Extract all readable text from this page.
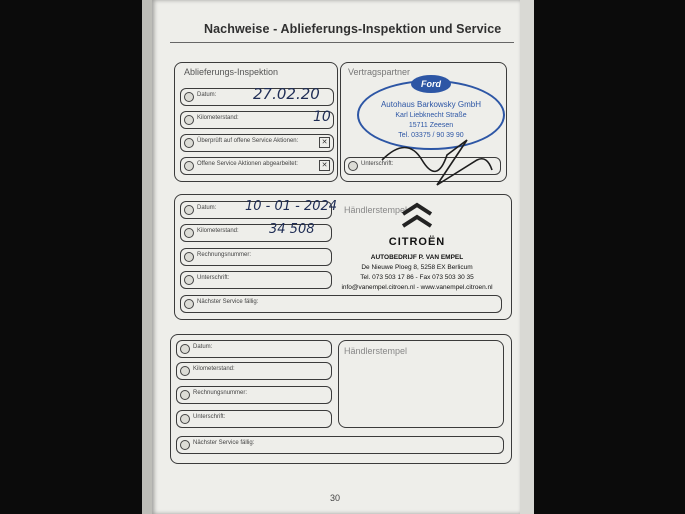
Nachweise - Ablieferungs-Inspektion und Service
Ablieferungs-Inspektion
Datum: 27.02.20
Kilometerstand:	10
Überprüft auf offene Service Aktionen:	✕
Offene Service Aktionen abgearbeitet:	✕
Vertragspartner
Unterschrift:
Ford
Autohaus Barkowsky GmbH
Karl Liebknecht Straße
15711 Zeesen
Tel. 03375 / 90 39 90
Händlerstempel
Datum: 10 - 01 - 2024
Kilometerstand: 34 508
Rechnungsnummer:
Unterschrift:
Nächster Service fällig:
CITROËN
AUTOBEDRIJF P. VAN EMPEL
De Nieuwe Ploeg 8, 5258 EX Berlicum
Tel. 073 503 17 86 - Fax 073 503 30 35
info@vanempel.citroen.nl - www.vanempel.citroen.nl
Händlerstempel
Datum:
Kilometerstand:
Rechnungsnummer:
Unterschrift:
Nächster Service fällig:
30
